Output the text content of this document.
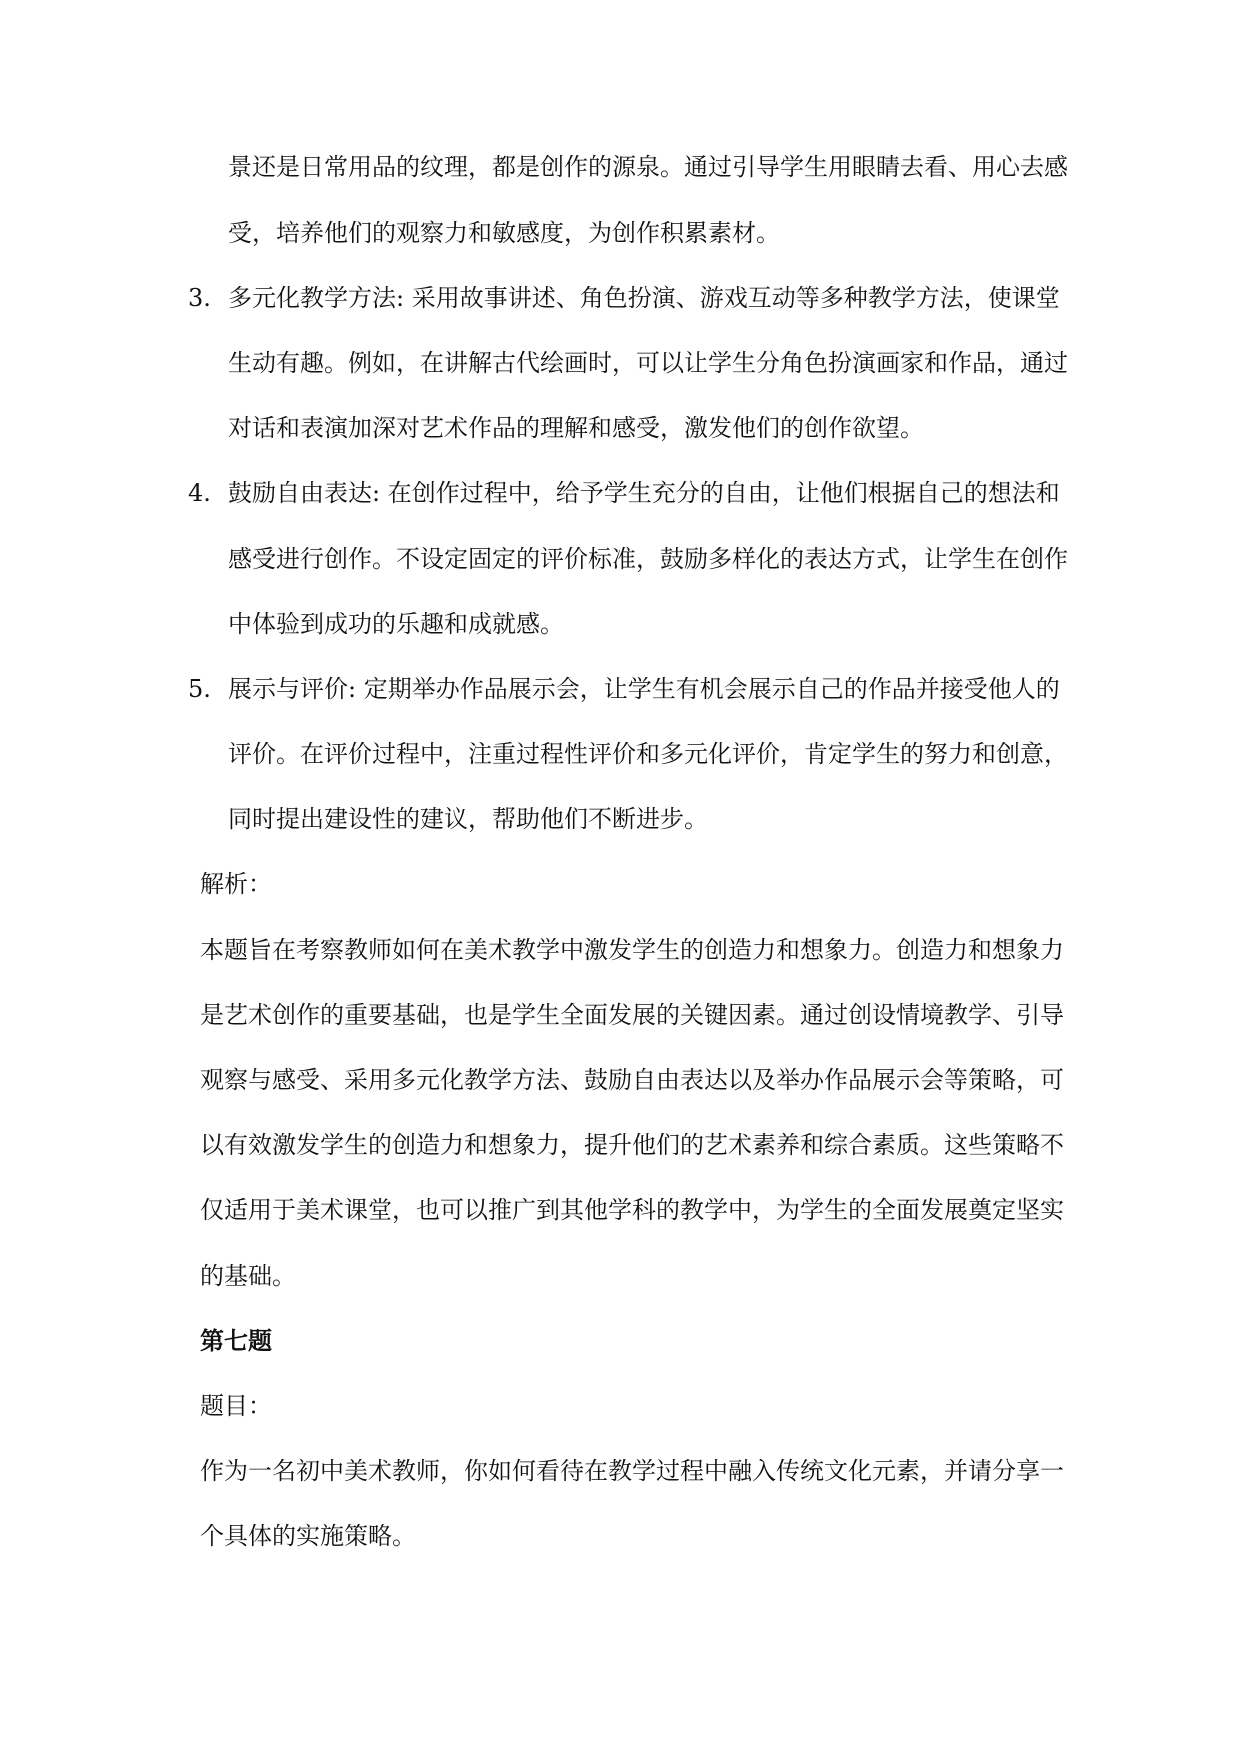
景还是日常用品的纹理，都是创作的源泉。通过引导学生用眼睛去看、用心去感
受，培养他们的观察力和敏感度，为创作积累素材。
3. 多元化教学方法: 采用故事讲述、角色扮演、游戏互动等多种教学方法，使课堂
生动有趣。例如，在讲解古代绘画时，可以让学生分角色扮演画家和作品，通过
对话和表演加深对艺术作品的理解和感受，激发他们的创作欲望。
4. 鼓励自由表达: 在创作过程中，给予学生充分的自由，让他们根据自己的想法和
感受进行创作。不设定固定的评价标准，鼓励多样化的表达方式，让学生在创作
中体验到成功的乐趣和成就感。
5. 展示与评价: 定期举办作品展示会，让学生有机会展示自己的作品并接受他人的
评价。在评价过程中，注重过程性评价和多元化评价，肯定学生的努力和创意，
同时提出建设性的建议，帮助他们不断进步。
解析：
本题旨在考察教师如何在美术教学中激发学生的创造力和想象力。创造力和想象力
是艺术创作的重要基础，也是学生全面发展的关键因素。通过创设情境教学、引导
观察与感受、采用多元化教学方法、鼓励自由表达以及举办作品展示会等策略，可
以有效激发学生的创造力和想象力，提升他们的艺术素养和综合素质。这些策略不
仅适用于美术课堂，也可以推广到其他学科的教学中，为学生的全面发展奠定坚实
的基础。
第七题
题目：
作为一名初中美术教师，你如何看待在教学过程中融入传统文化元素，并请分享一
个具体的实施策略。
